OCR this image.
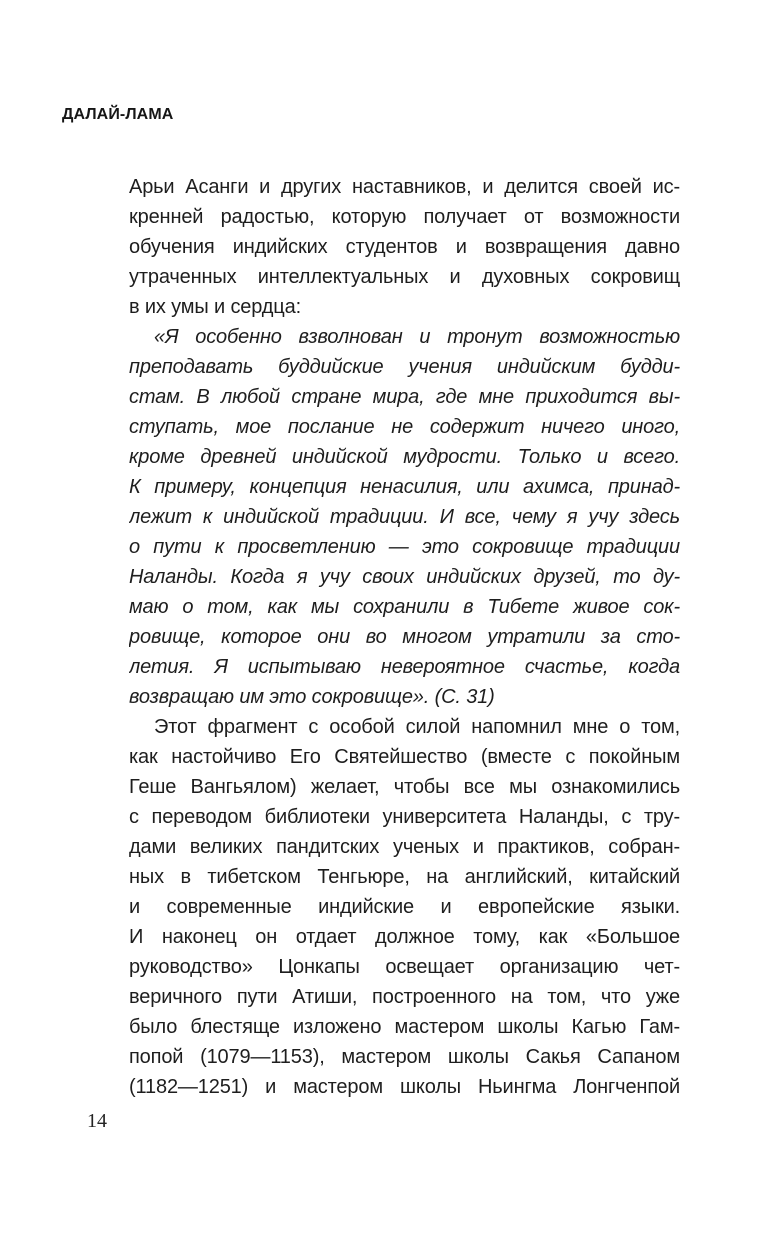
ДАЛАЙ-ЛАМА
Арьи Асанги и других наставников, и делится своей ис-
кренней радостью, которую получает от возможности
обучения индийских студентов и возвращения давно
утраченных интеллектуальных и духовных сокровищ
в их умы и сердца:
«Я особенно взволнован и тронут возможностью
преподавать буддийские учения индийским будди-
стам. В любой стране мира, где мне приходится вы-
ступать, мое послание не содержит ничего иного,
кроме древней индийской мудрости. Только и всего.
К примеру, концепция ненасилия, или ахимса, принад-
лежит к индийской традиции. И все, чему я учу здесь
о пути к просветлению — это сокровище традиции
Наланды. Когда я учу своих индийских друзей, то ду-
маю о том, как мы сохранили в Тибете живое сок-
ровище, которое они во многом утратили за сто-
летия. Я испытываю невероятное счастье, когда
возвращаю им это сокровище». (С. 31)
Этот фрагмент с особой силой напомнил мне о том,
как настойчиво Его Святейшество (вместе с покойным
Геше Вангьялом) желает, чтобы все мы ознакомились
с переводом библиотеки университета Наланды, с тру-
дами великих пандитских ученых и практиков, собран-
ных в тибетском Тенгьюре, на английский, китайский
и современные индийские и европейские языки.
И наконец он отдает должное тому, как «Большое
руководство» Цонкапы освещает организацию чет-
веричного пути Атиши, построенного на том, что уже
было блестяще изложено мастером школы Кагью Гам-
попой (1079—1153), мастером школы Сакья Сапаном
(1182—1251) и мастером школы Ньингма Лонгченпой
14
